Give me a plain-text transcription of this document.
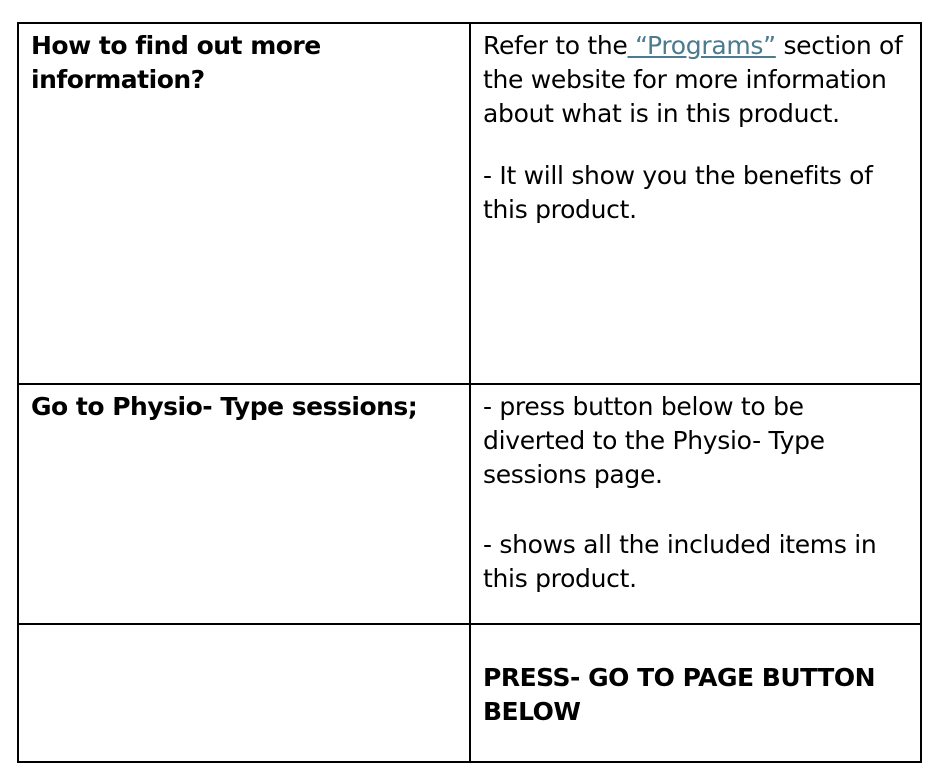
How to find out more information?	Refer to the “Programs” section of the website for more information about what is in this product.

- It will show you the benefits of this product.

Go to Physio- Type sessions;	- press button below to be diverted to the Physio- Type sessions page.

- shows all the included items in this product.

	PRESS- GO TO PAGE BUTTON BELOW
